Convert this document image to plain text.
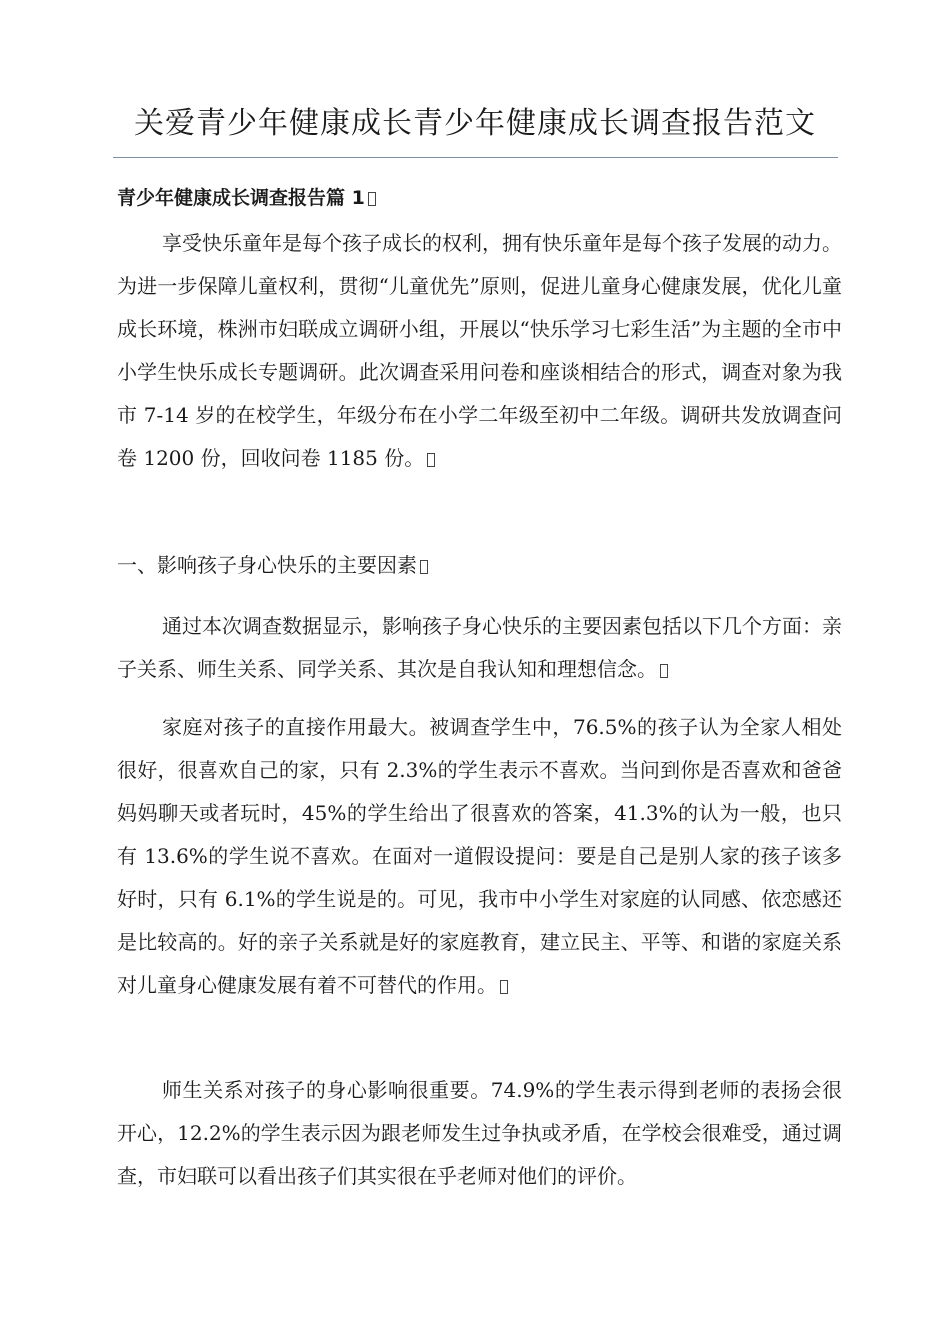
关爱青少年健康成长青少年健康成长调查报告范文
青少年健康成长调查报告篇 1
享受快乐童年是每个孩子成长的权利，拥有快乐童年是每个孩子发展的动力。为进一步保障儿童权利，贯彻“儿童优先”原则，促进儿童身心健康发展，优化儿童成长环境，株洲市妇联成立调研小组，开展以“快乐学习七彩生活”为主题的全市中小学生快乐成长专题调研。此次调查采用问卷和座谈相结合的形式，调查对象为我市 7-14 岁的在校学生，年级分布在小学二年级至初中二年级。调研共发放调查问卷 1200 份，回收问卷 1185 份。
一、影响孩子身心快乐的主要因素
通过本次调查数据显示，影响孩子身心快乐的主要因素包括以下几个方面：亲子关系、师生关系、同学关系、其次是自我认知和理想信念。
家庭对孩子的直接作用最大。被调查学生中，76.5%的孩子认为全家人相处很好，很喜欢自己的家，只有 2.3%的学生表示不喜欢。当问到你是否喜欢和爸爸妈妈聊天或者玩时，45%的学生给出了很喜欢的答案，41.3%的认为一般，也只有 13.6%的学生说不喜欢。在面对一道假设提问：要是自己是别人家的孩子该多好时，只有 6.1%的学生说是的。可见，我市中小学生对家庭的认同感、依恋感还是比较高的。好的亲子关系就是好的家庭教育，建立民主、平等、和谐的家庭关系对儿童身心健康发展有着不可替代的作用。
师生关系对孩子的身心影响很重要。74.9%的学生表示得到老师的表扬会很开心，12.2%的学生表示因为跟老师发生过争执或矛盾，在学校会很难受，通过调查，市妇联可以看出孩子们其实很在乎老师对他们的评价。
